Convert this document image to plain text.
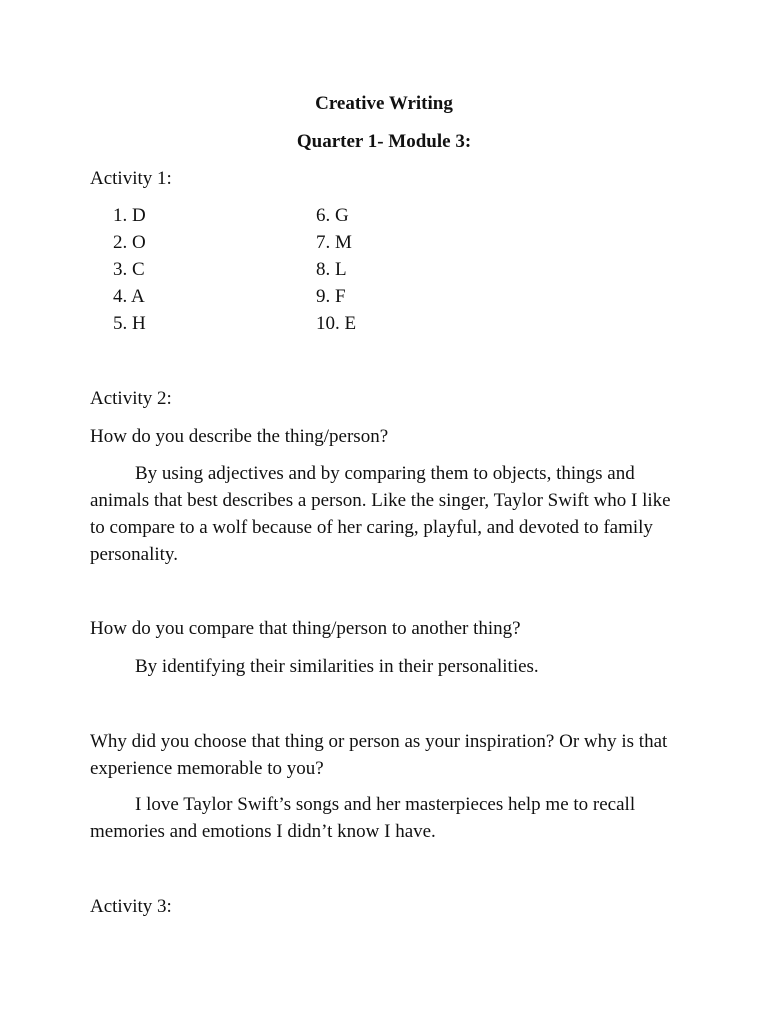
Creative Writing
Quarter 1- Module 3:
Activity 1:
1. D
2. O
3. C
4. A
5. H
6. G
7. M
8. L
9. F
10. E
Activity 2:
How do you describe the thing/person?
By using adjectives and by comparing them to objects, things and animals that best describes a person. Like the singer, Taylor Swift who I like to compare to a wolf because of her caring, playful, and devoted to family personality.
How do you compare that thing/person to another thing?
By identifying their similarities in their personalities.
Why did you choose that thing or person as your inspiration? Or why is that experience memorable to you?
I love Taylor Swift’s songs and her masterpieces help me to recall memories and emotions I didn’t know I have.
Activity 3:
